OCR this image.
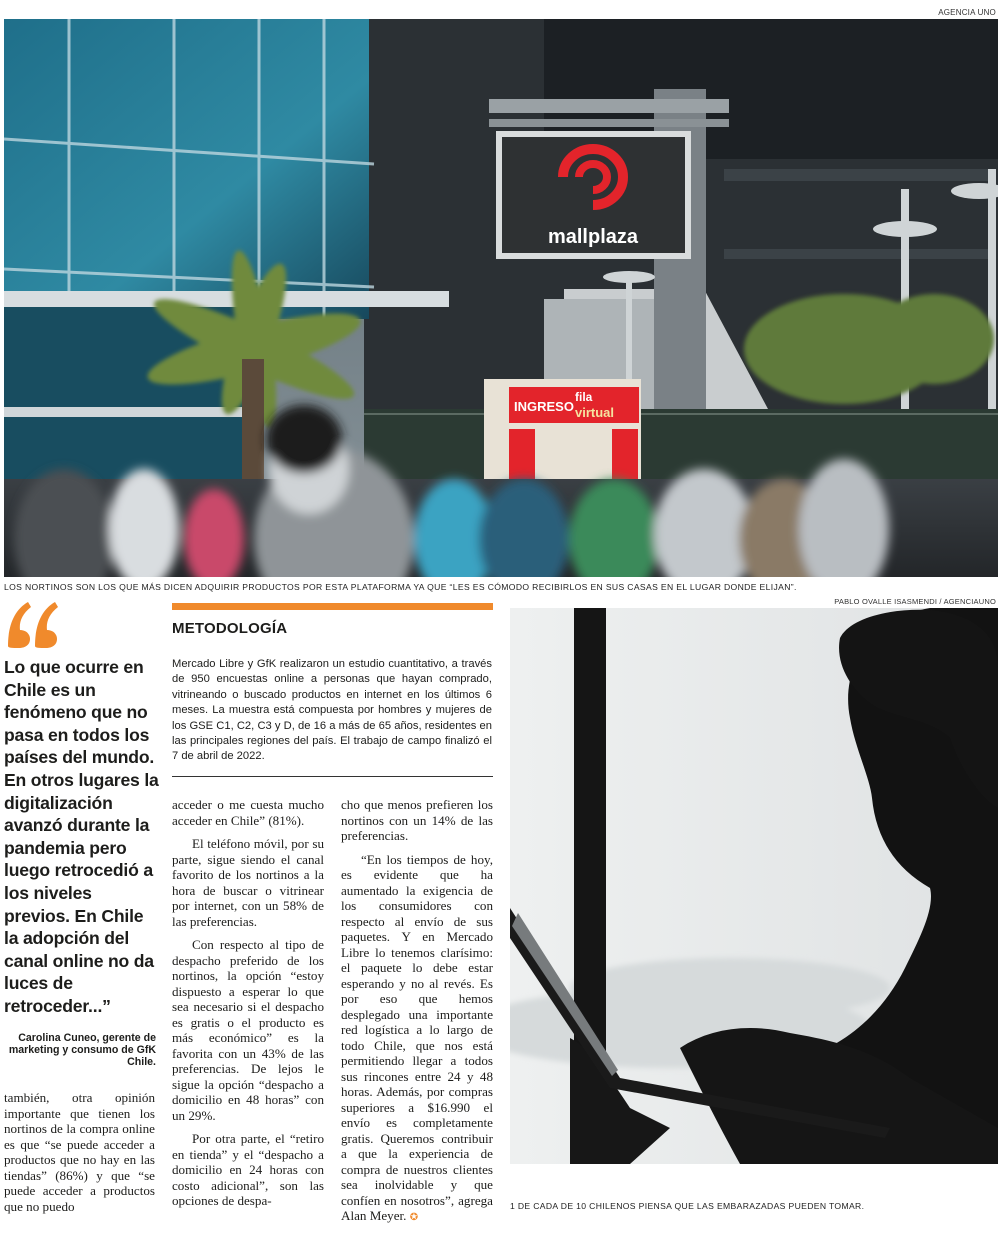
AGENCIA UNO
mallplaza
INGRESO
fila
virtual
LOS NORTINOS SON LOS QUE MÁS DICEN ADQUIRIR PRODUCTOS POR ESTA PLATAFORMA YA QUE “LES ES CÓMODO RECIBIRLOS EN SUS CASAS EN EL LUGAR DONDE ELIJAN”.
PABLO OVALLE ISASMENDI / AGENCIAUNO
Lo que ocurre en Chile es un fenómeno que no pasa en todos los países del mundo. En otros lugares la digitalización avanzó durante la pandemia pero luego retrocedió a los niveles previos. En Chile la adopción del canal online no da luces de retroceder...”
Carolina Cuneo, gerente de marketing y consumo de GfK Chile.

también, otra opinión importante que tienen los nortinos de la compra online es que “se puede acceder a productos que no hay en las tiendas” (86%) y que “se puede acceder a productos que no puedo

METODOLOGÍA
Mercado Libre y GfK realizaron un estudio cuantitativo, a través de 950 encuestas online a personas que hayan comprado, vitrineando o buscado productos en internet en los últimos 6 meses. La muestra está compuesta por hombres y mujeres de los GSE C1, C2, C3 y D, de 16 a más de 65 años, residentes en las principales regiones del país. El trabajo de campo finalizó el 7 de abril de 2022.

acceder o me cuesta mucho acceder en Chile” (81%).

El teléfono móvil, por su parte, sigue siendo el canal favorito de los nortinos a la hora de buscar o vitrinear por internet, con un 58% de las preferencias.

Con respecto al tipo de despacho preferido de los nortinos, la opción “estoy dispuesto a esperar lo que sea necesario si el despacho es gratis o el producto es más económico” es la favorita con un 43% de las preferencias. De lejos le sigue la opción “despacho a domicilio en 48 horas” con un 29%.

Por otra parte, el “retiro en tienda” y el “despacho a domicilio en 24 horas con costo adicional”, son las opciones de despa-

cho que menos prefieren los nortinos con un 14% de las preferencias.

“En los tiempos de hoy, es evidente que ha aumentado la exigencia de los consumidores con respecto al envío de sus paquetes. Y en Mercado Libre lo tenemos clarísimo: el paquete lo debe estar esperando y no al revés. Es por eso que hemos desplegado una importante red logística a lo largo de todo Chile, que nos está permitiendo llegar a todos sus rincones entre 24 y 48 horas. Además, por compras superiores a $16.990 el envío es completamente gratis. Queremos contribuir a que la experiencia de compra de nuestros clientes sea inolvidable y que confíen en nosotros”, agrega Alan Meyer. ✪

1 DE CADA DE 10 CHILENOS PIENSA QUE LAS EMBARAZADAS PUEDEN TOMAR.
